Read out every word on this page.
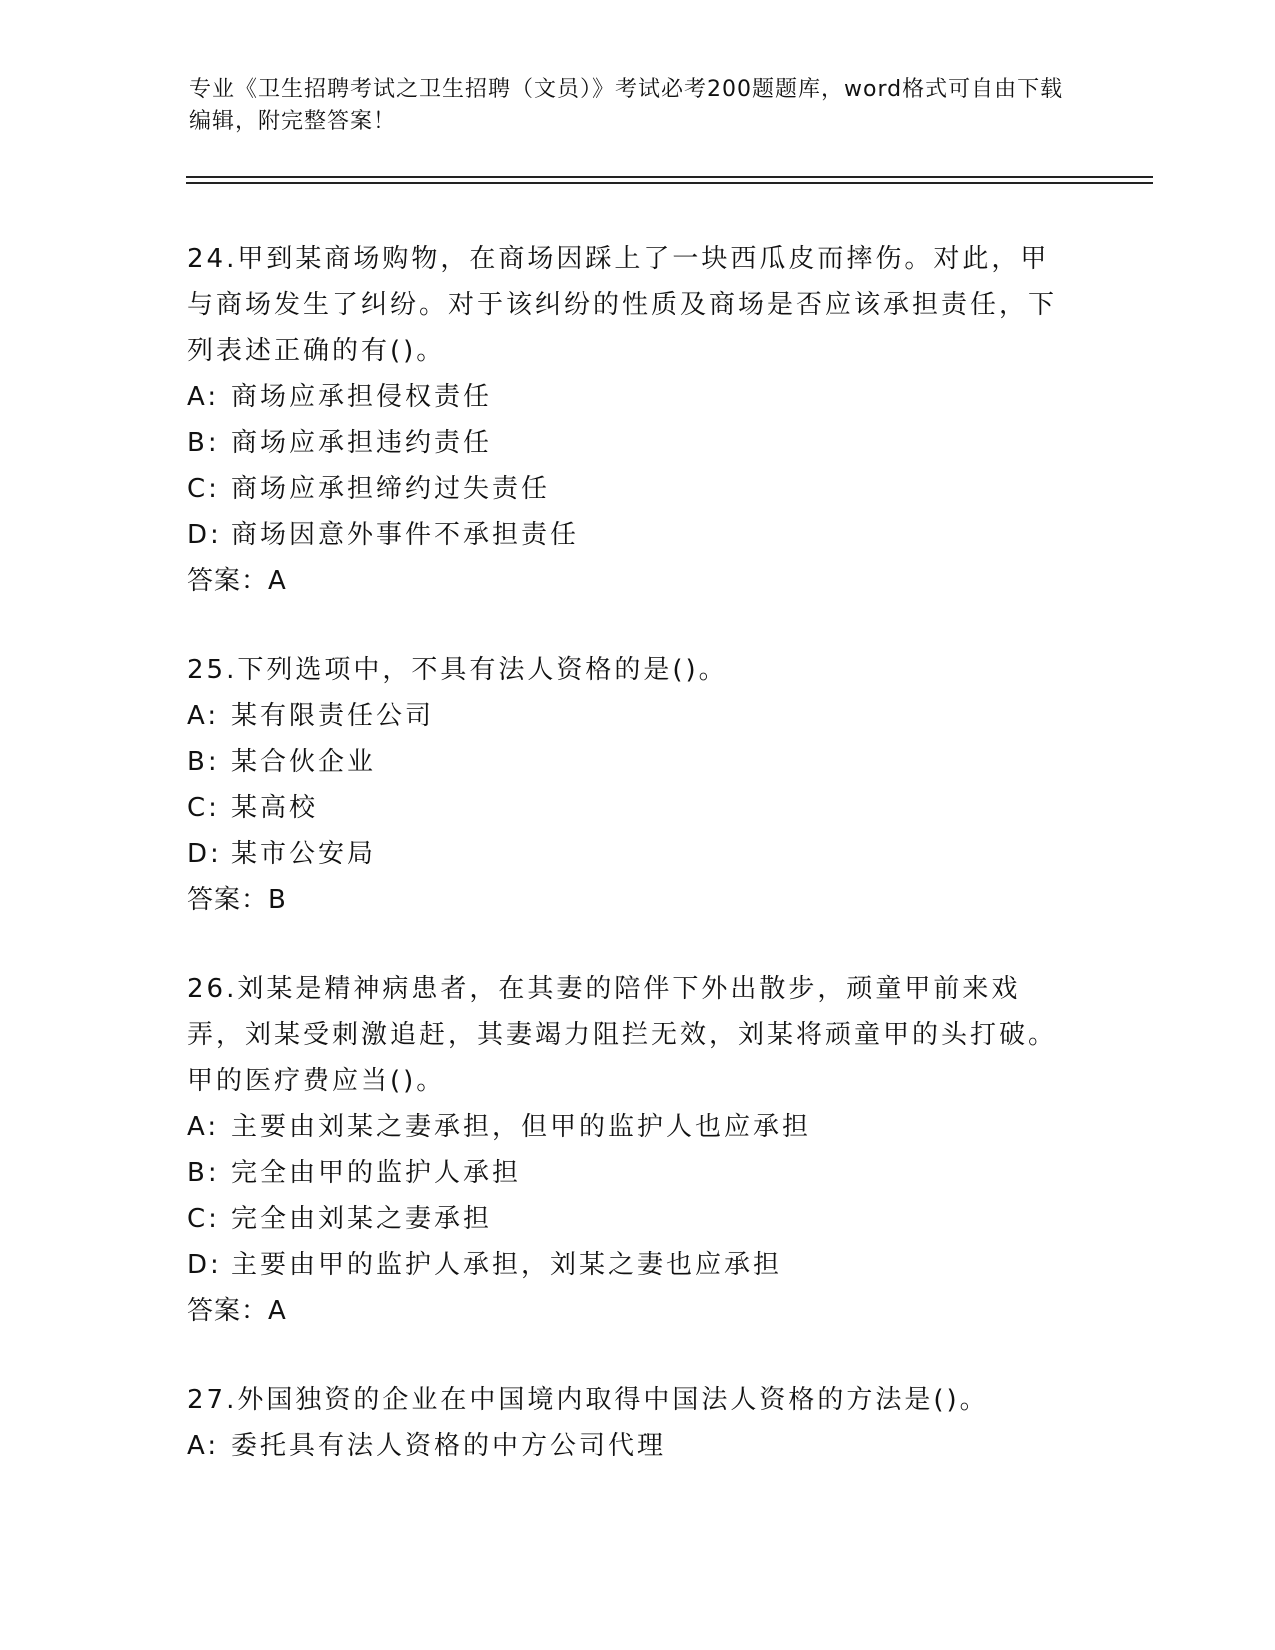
专业《卫生招聘考试之卫生招聘（文员）》考试必考200题题库，word格式可自由下载编辑，附完整答案！
24.甲到某商场购物，在商场因踩上了一块西瓜皮而摔伤。对此，甲与商场发生了纠纷。对于该纠纷的性质及商场是否应该承担责任，下列表述正确的有()。
A: 商场应承担侵权责任
B: 商场应承担违约责任
C: 商场应承担缔约过失责任
D: 商场因意外事件不承担责任
答案：A
25.下列选项中，不具有法人资格的是()。
A: 某有限责任公司
B: 某合伙企业
C: 某高校
D: 某市公安局
答案：B
26.刘某是精神病患者，在其妻的陪伴下外出散步，顽童甲前来戏弄，刘某受刺激追赶，其妻竭力阻拦无效，刘某将顽童甲的头打破。甲的医疗费应当()。
A: 主要由刘某之妻承担，但甲的监护人也应承担
B: 完全由甲的监护人承担
C: 完全由刘某之妻承担
D: 主要由甲的监护人承担，刘某之妻也应承担
答案：A
27.外国独资的企业在中国境内取得中国法人资格的方法是()。
A: 委托具有法人资格的中方公司代理
